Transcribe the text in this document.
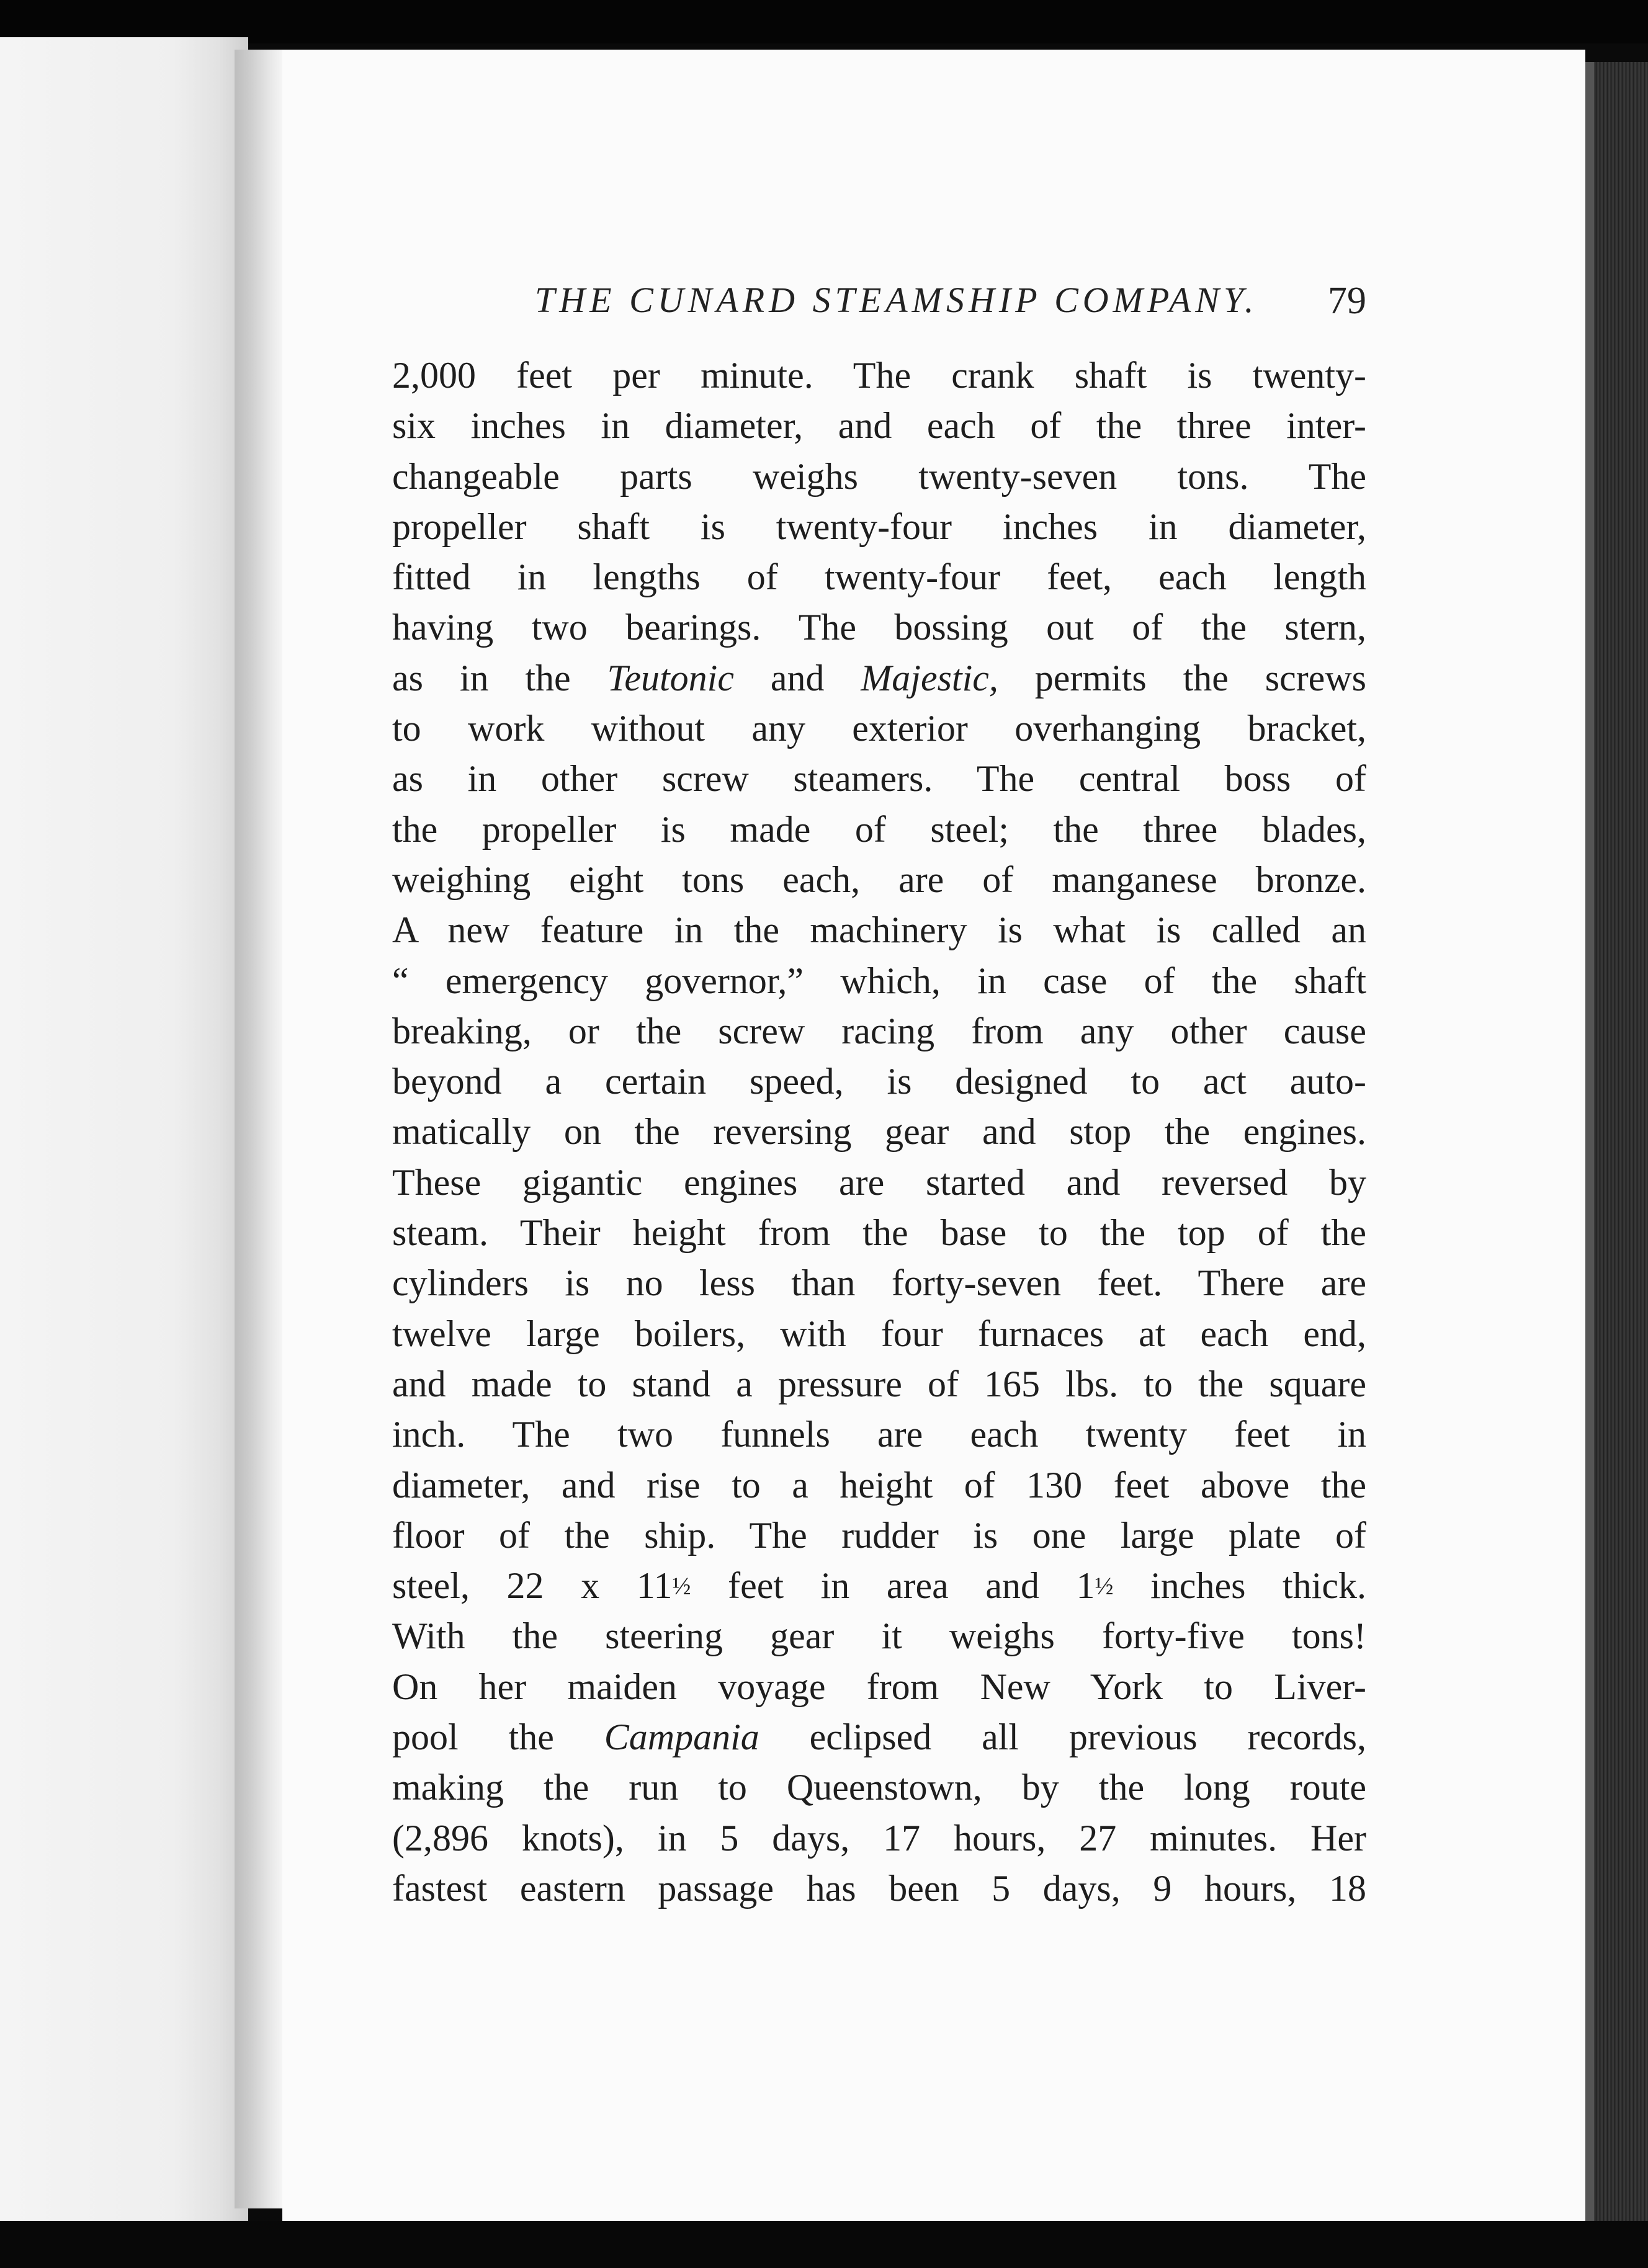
THE CUNARD STEAMSHIP COMPANY. 79
2,000 feet per minute. The crank shaft is twenty-
six inches in diameter, and each of the three inter-
changeable parts weighs twenty-seven tons. The
propeller shaft is twenty-four inches in diameter,
fitted in lengths of twenty-four feet, each length
having two bearings. The bossing out of the stern,
as in the Teutonic and Majestic, permits the screws
to work without any exterior overhanging bracket,
as in other screw steamers. The central boss of
the propeller is made of steel; the three blades,
weighing eight tons each, are of manganese bronze.
A new feature in the machinery is what is called an
“ emergency governor,” which, in case of the shaft
breaking, or the screw racing from any other cause
beyond a certain speed, is designed to act auto-
matically on the reversing gear and stop the engines.
These gigantic engines are started and reversed by
steam. Their height from the base to the top of the
cylinders is no less than forty-seven feet. There are
twelve large boilers, with four furnaces at each end,
and made to stand a pressure of 165 lbs. to the square
inch. The two funnels are each twenty feet in
diameter, and rise to a height of 130 feet above the
floor of the ship. The rudder is one large plate of
steel, 22 x 11½ feet in area and 1½ inches thick.
With the steering gear it weighs forty-five tons!
On her maiden voyage from New York to Liver-
pool the Campania eclipsed all previous records,
making the run to Queenstown, by the long route
(2,896 knots), in 5 days, 17 hours, 27 minutes. Her
fastest eastern passage has been 5 days, 9 hours, 18
